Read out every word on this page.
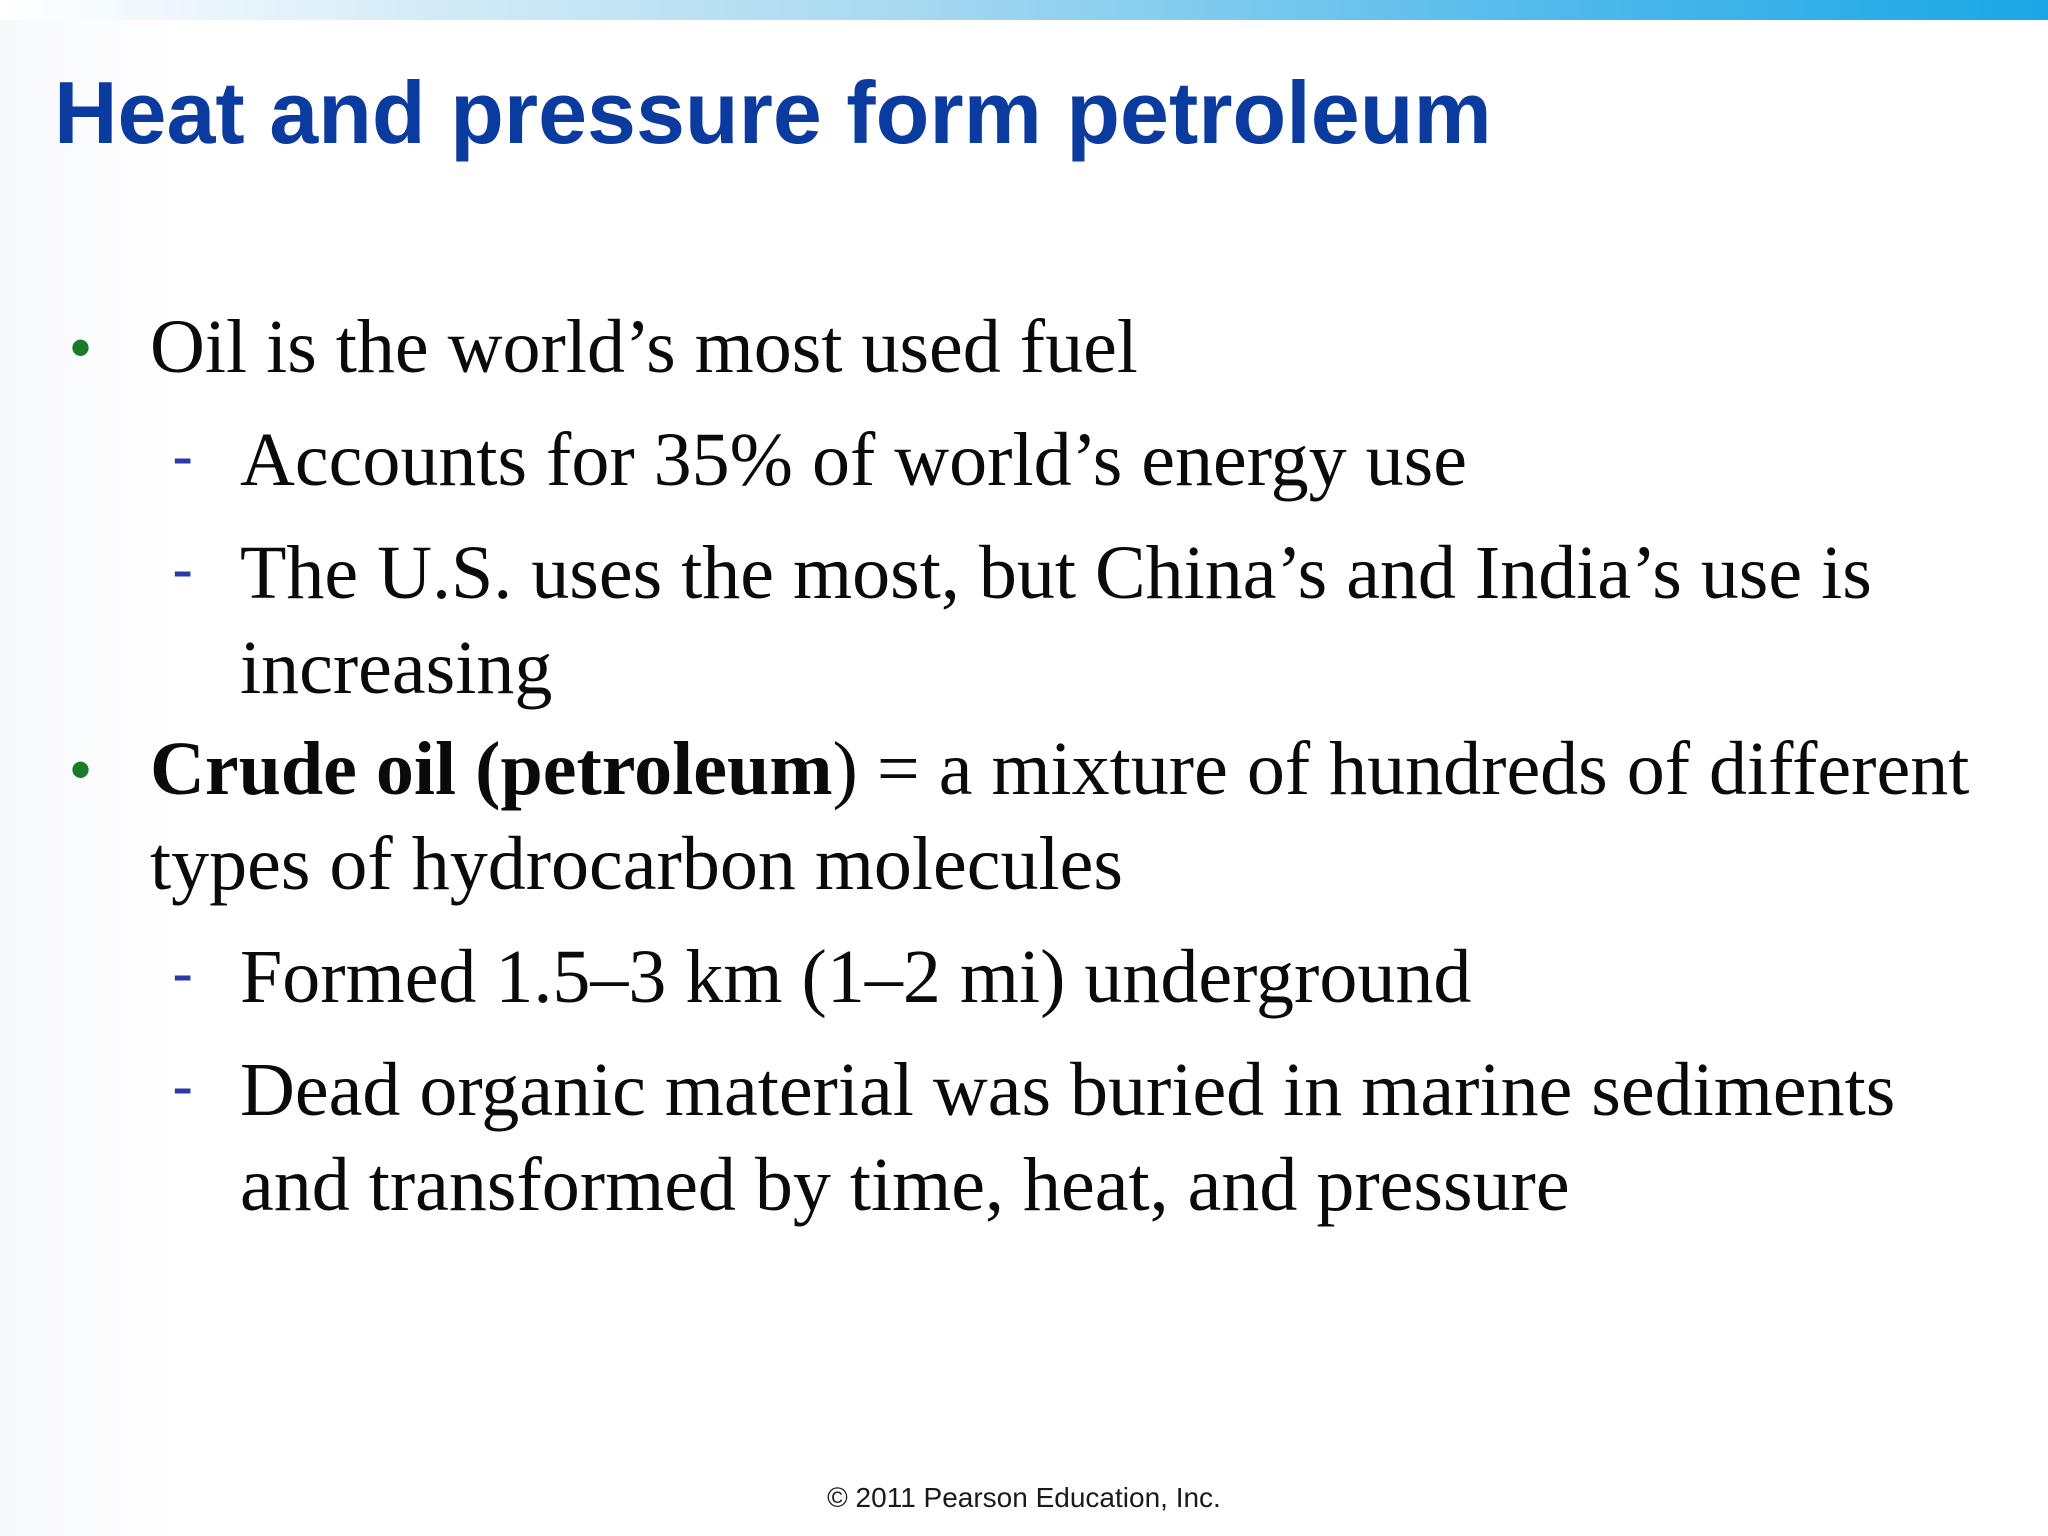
Heat and pressure form petroleum

• Oil is the world’s most used fuel

- Accounts for 35% of world’s energy use

- The U.S. uses the most, but China’s and India’s use is increasing

• Crude oil (petroleum) = a mixture of hundreds of different types of hydrocarbon molecules

- Formed 1.5–3 km (1–2 mi) underground

- Dead organic material was buried in marine sediments and transformed by time, heat, and pressure

© 2011 Pearson Education, Inc.
